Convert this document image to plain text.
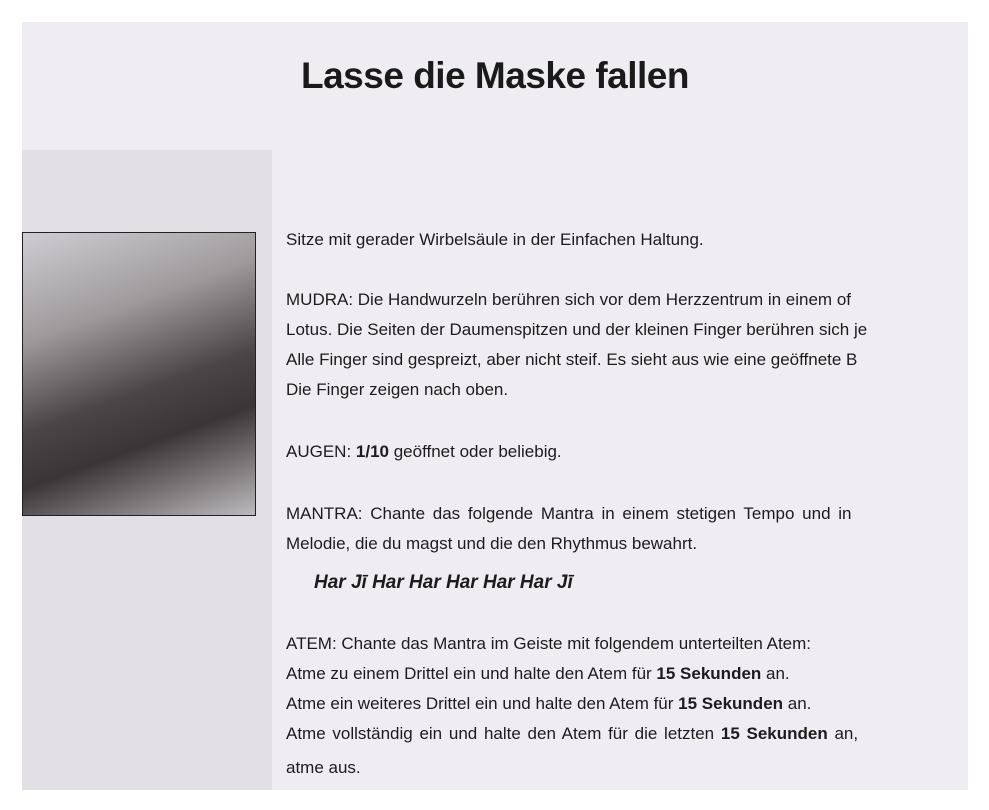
Lasse die Maske fallen
Sitze mit gerader Wirbelsäule in der Einfachen Haltung.
MUDRA: Die Handwurzeln berühren sich vor dem Herzzentrum in einem of
Lotus. Die Seiten der Daumenspitzen und der kleinen Finger berühren sich je
Alle Finger sind gespreizt, aber nicht steif. Es sieht aus wie eine geöffnete B
Die Finger zeigen nach oben.
AUGEN: 1/10 geöffnet oder beliebig.
MANTRA: Chante das folgende Mantra in einem stetigen Tempo und in
Melodie, die du magst und die den Rhythmus bewahrt.
Har Jī Har Har Har Har Har Jī
ATEM: Chante das Mantra im Geiste mit folgendem unterteilten Atem:
Atme zu einem Drittel ein und halte den Atem für 15 Sekunden an.
Atme ein weiteres Drittel ein und halte den Atem für 15 Sekunden an.
Atme vollständig ein und halte den Atem für die letzten 15 Sekunden an,
atme aus.
